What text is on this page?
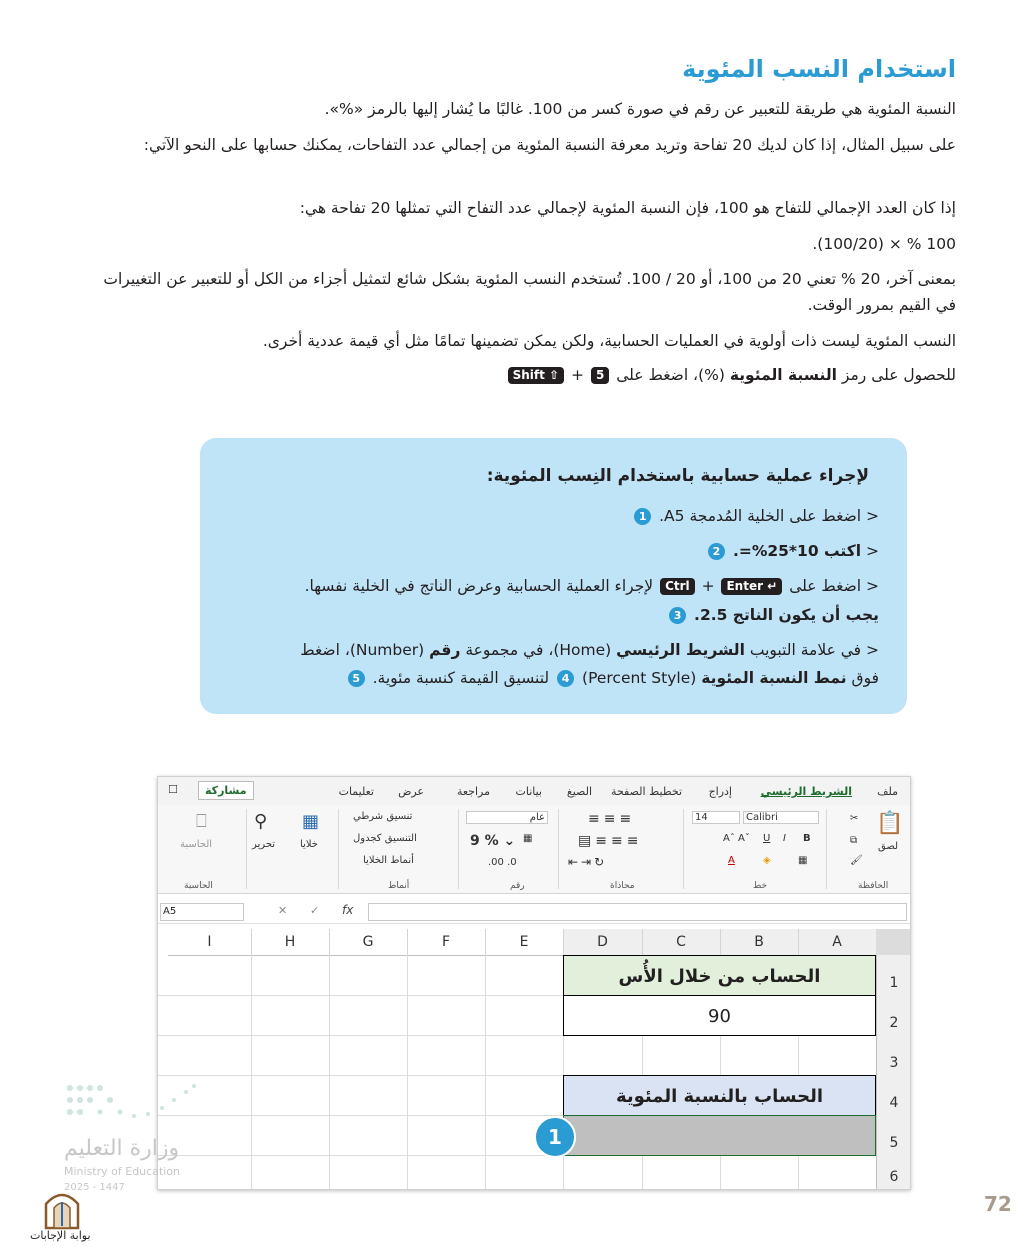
استخدام النسب المئوية
النسبة المئوية هي طريقة للتعبير عن رقم في صورة كسر من 100. غالبًا ما يُشار إليها بالرمز «%».
على سبيل المثال، إذا كان لديك 20 تفاحة وتريد معرفة النسبة المئوية من إجمالي عدد التفاحات، يمكنك حسابها على النحو الآتي:
إذا كان العدد الإجمالي للتفاح هو 100، فإن النسبة المئوية لإجمالي عدد التفاح التي تمثلها 20 تفاحة هي:
100 % × (100/20).
بمعنى آخر، 20 % تعني 20 من 100، أو 20 / 100. تُستخدم النسب المئوية بشكل شائع لتمثيل أجزاء من الكل أو للتعبير عن التغييرات في القيم بمرور الوقت.
النسب المئوية ليست ذات أولوية في العمليات الحسابية، ولكن يمكن تضمينها تمامًا مثل أي قيمة عددية أخرى.
للحصول على رمز النسبة المئوية (%)، اضغط على 5 + Shift ⇧
لإجراء عملية حسابية باستخدام النِسب المئوية:
< اضغط على الخلية المُدمجة A5. 1
< اكتب 10*25%=. 2
< اضغط على Enter ↵ + Ctrl لإجراء العملية الحسابية وعرض الناتج في الخلية نفسها.
يجب أن يكون الناتج 2.5. 3
< في علامة التبويب الشريط الرئيسي (Home)، في مجموعة رقم (Number)، اضغط
فوق نمط النسبة المئوية (Percent Style) 4 لتنسيق القيمة كنسبة مئوية. 5
ملف
الشريط الرئيسي
إدراج
تخطيط الصفحة
الصيغ
بيانات
مراجعة
عرض
تعليمات
مشاركة
☐
📋
لصق
✂
⧉
🖌
الحافظة
Calibri
14
B
I
U
Aˆ Aˇ
▦
◈
A
خط
≡≡≡
▤≡≡≡
⇤⇥↻
محاذاة
عام
9 % ⌄ ▦
.00 .0
رقم
تنسيق شرطي
التنسيق كجدول
أنماط الخلايا
أنماط
▦
خلايا
⚲
تحرير
⎕
الحاسبة
الحاسبة
A5	✕ ✓ fx
A
B
C
D
E
F
G
H
I
1
2
3
4
5
6
الحساب من خلال الأُس
90
الحساب بالنسبة المئوية
1
وزارة التعليم
Ministry of Education
2025 - 1447
بوابة الإجابات
72
